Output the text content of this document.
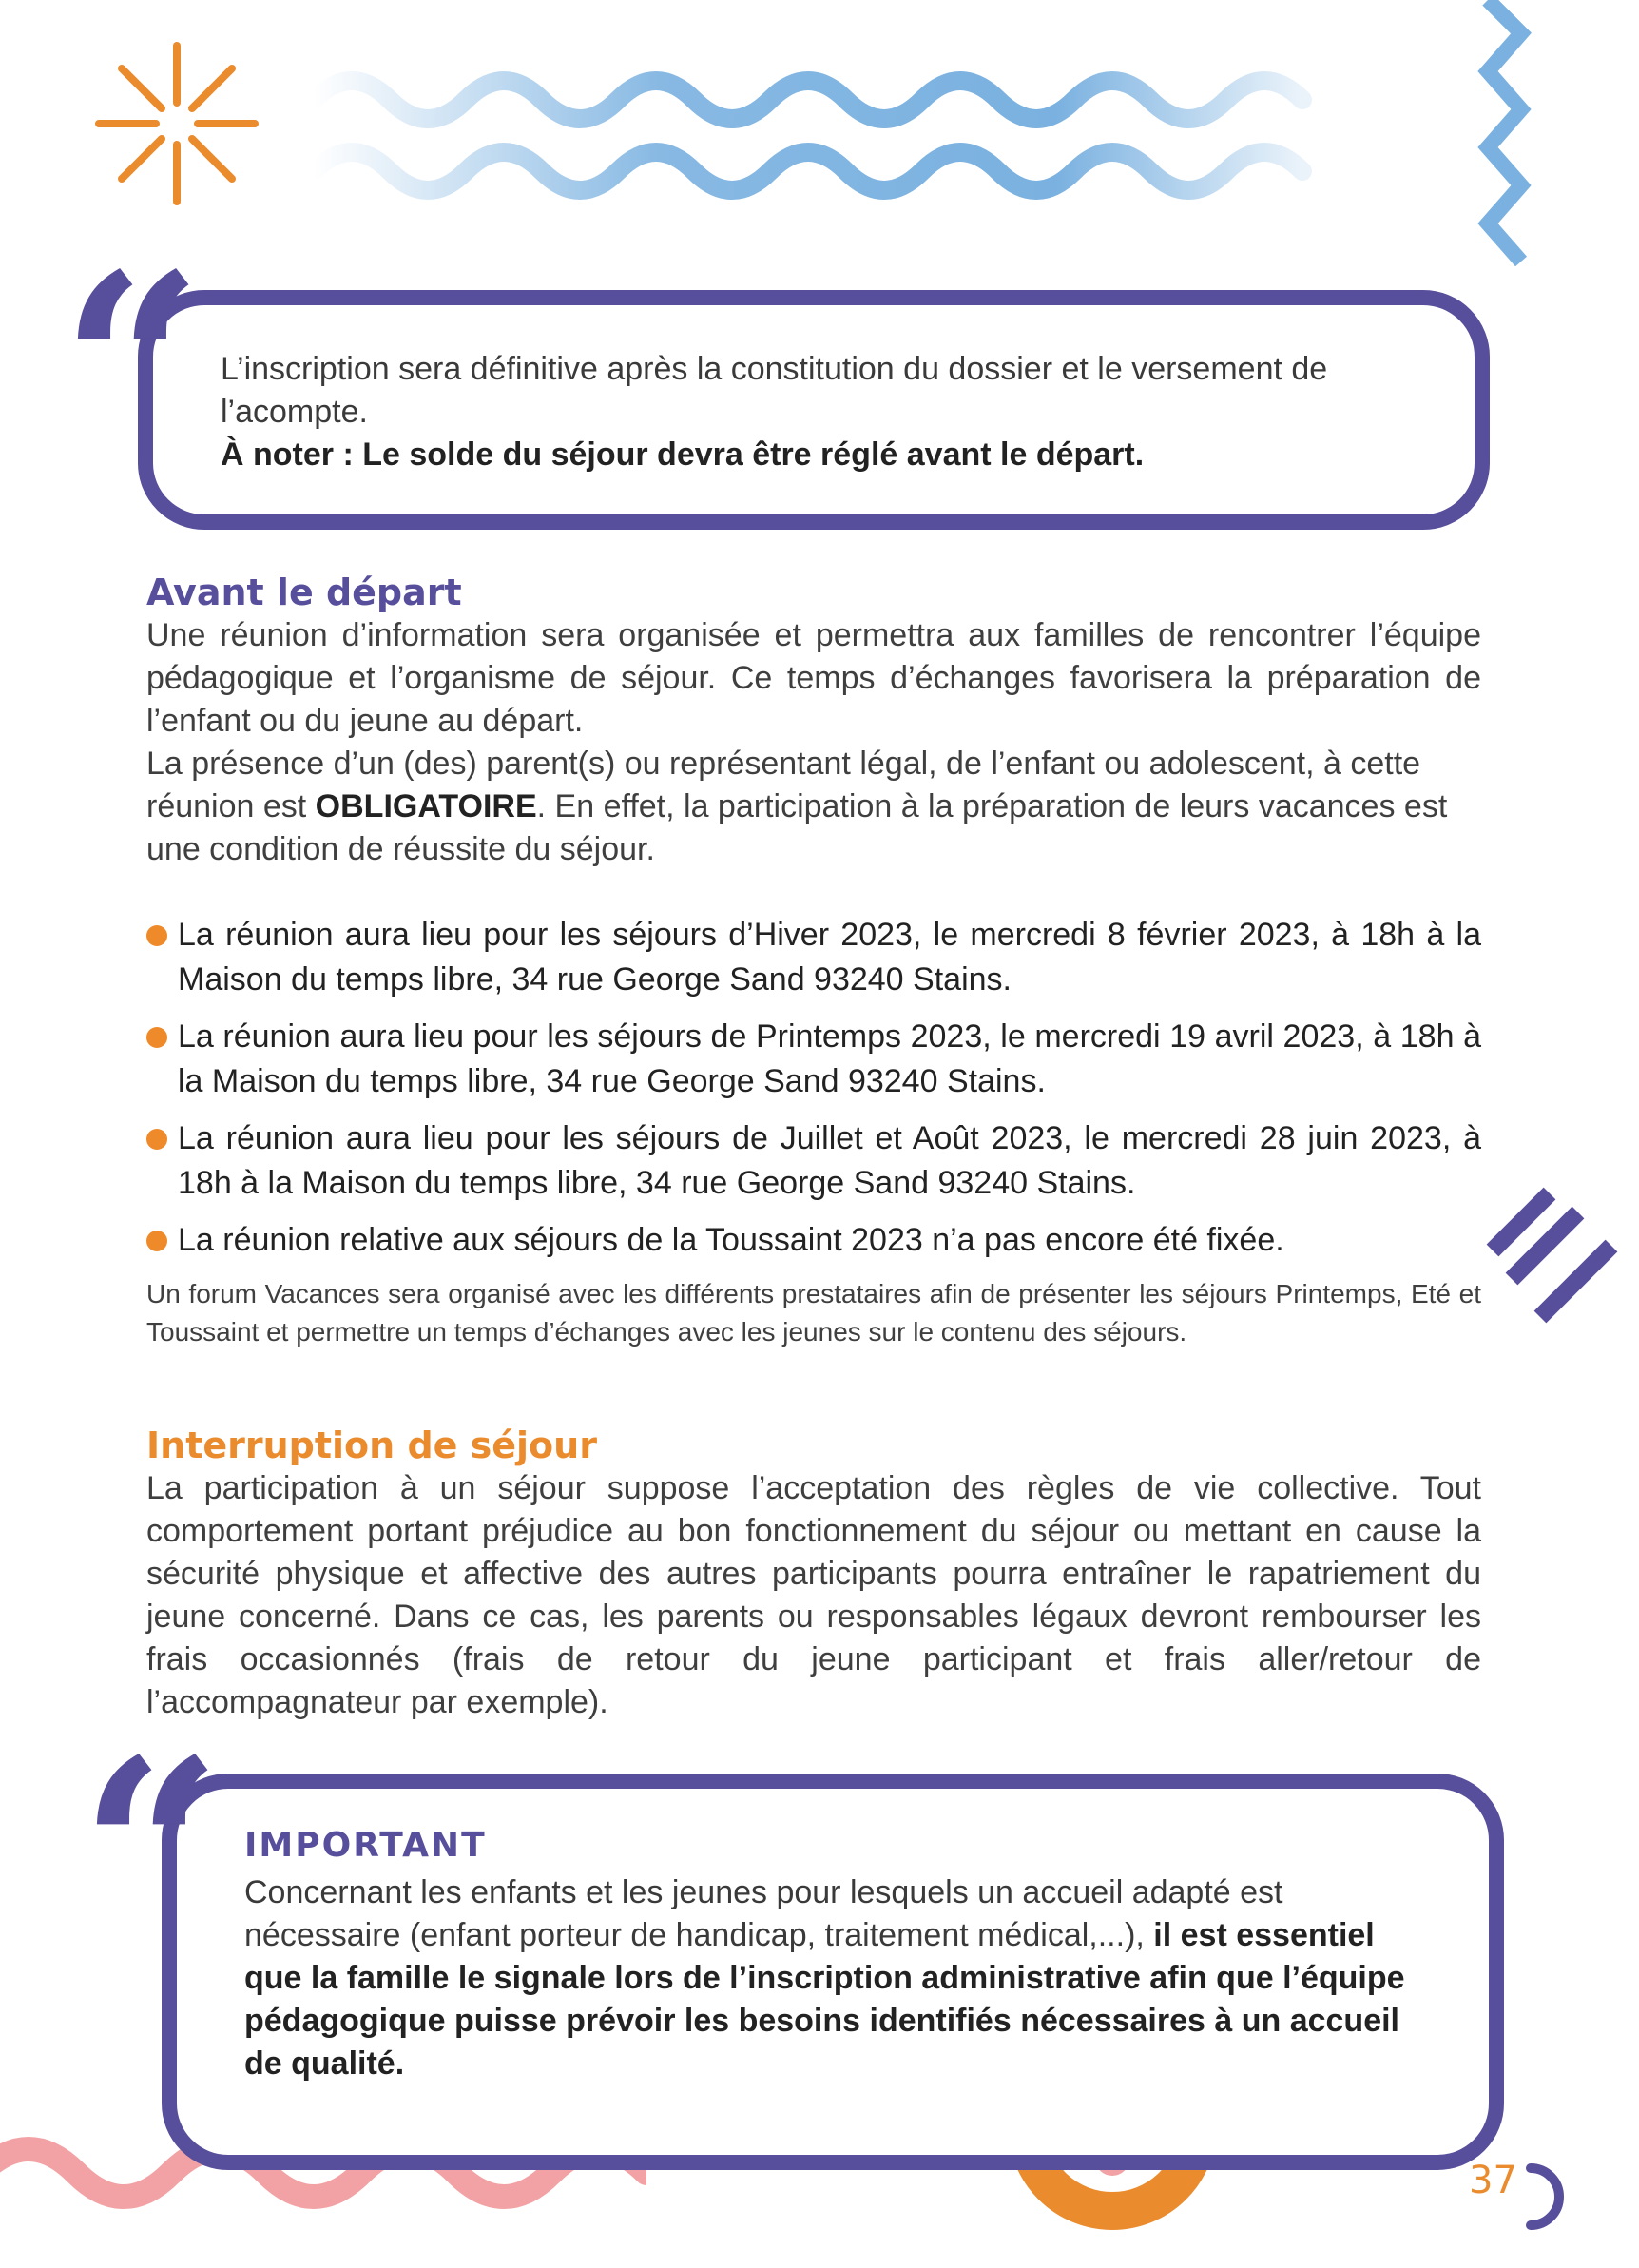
“ L’inscription sera définitive après la constitution du dossier et le versement de l’acompte.

À noter : Le solde du séjour devra être réglé avant le départ.

Avant le départ

Une réunion d’information sera organisée et permettra aux familles de rencontrer l’équipe pédagogique et l’organisme de séjour. Ce temps d’échanges favorisera la préparation de l’enfant ou du jeune au départ.

La présence d’un (des) parent(s) ou représentant légal, de l’enfant ou adolescent, à cette réunion est OBLIGATOIRE. En effet, la participation à la préparation de leurs vacances est une condition de réussite du séjour.

La réunion aura lieu pour les séjours d’Hiver 2023, le mercredi 8 février 2023, à 18h à la Maison du temps libre, 34 rue George Sand 93240 Stains.
La réunion aura lieu pour les séjours de Printemps 2023, le mercredi 19 avril 2023, à 18h à la Maison du temps libre, 34 rue George Sand 93240 Stains.
La réunion aura lieu pour les séjours de Juillet et Août 2023, le mercredi 28 juin 2023, à 18h à la Maison du temps libre, 34 rue George Sand 93240 Stains.
La réunion relative aux séjours de la Toussaint 2023 n’a pas encore été fixée.

Un forum Vacances sera organisé avec les différents prestataires afin de présenter les séjours Printemps, Eté et Toussaint et permettre un temps d’échanges avec les jeunes sur le contenu des séjours.

Interruption de séjour

La participation à un séjour suppose l’acceptation des règles de vie collective. Tout comportement portant préjudice au bon fonctionnement du séjour ou mettant en cause la sécurité physique et affective des autres participants pourra entraîner le rapatriement du jeune concerné. Dans ce cas, les parents ou responsables légaux devront rembourser les frais occasionnés (frais de retour du jeune participant et frais aller/retour de l’accompagnateur par exemple).

“ IMPORTANT

Concernant les enfants et les jeunes pour lesquels un accueil adapté est nécessaire (enfant porteur de handicap, traitement médical,...), il est essentiel que la famille le signale lors de l’inscription administrative afin que l’équipe pédagogique puisse prévoir les besoins identifiés nécessaires à un accueil de qualité.

37
